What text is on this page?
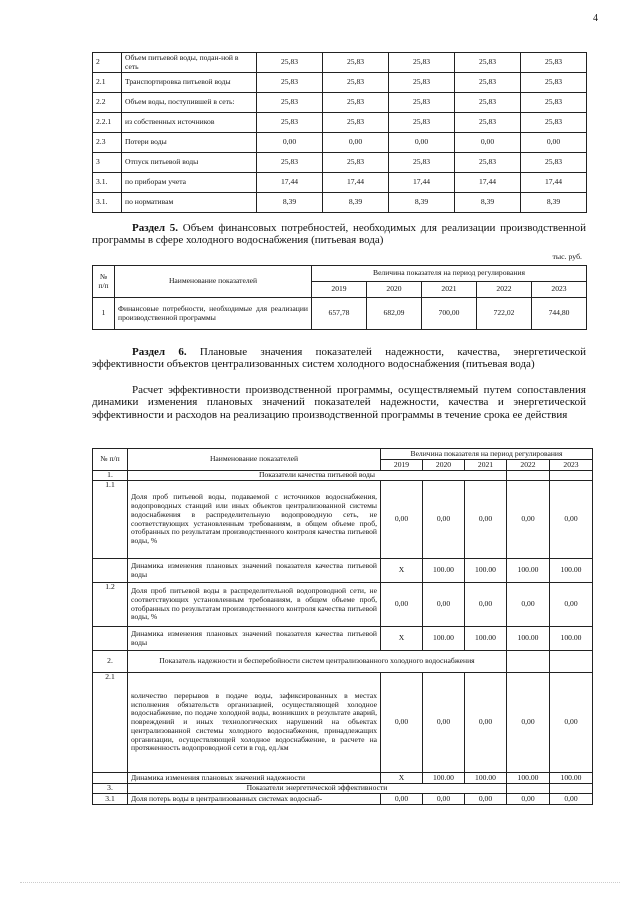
4
2	Объем питьевой воды, подан-ной в сеть	25,83	25,83	25,83	25,83	25,83
2.1	Транспортировка питьевой воды	25,83	25,83	25,83	25,83	25,83
2.2	Объем воды, поступившей в сеть:	25,83	25,83	25,83	25,83	25,83
2.2.1	из собственных источников	25,83	25,83	25,83	25,83	25,83
2.3	Потери воды	0,00	0,00	0,00	0,00	0,00
3	Отпуск питьевой воды	25,83	25,83	25,83	25,83	25,83
3.1.	по приборам учета	17,44	17,44	17,44	17,44	17,44
3.1.	по нормативам	8,39	8,39	8,39	8,39	8,39
Раздел 5. Объем финансовых потребностей, необходимых для реализации производственной программы в сфере холодного водоснабжения (питьевая вода)
тыс. руб.
№ п/п	Наименование показателей	Величина показателя на период регулирования				
		2019	2020	2021	2022	2023
1	Финансовые потребности, необходимые для реализации производственной программы	657,78	682,09	700,00	722,02	744,80
Раздел 6. Плановые значения показателей надежности, качества, энергетической эффективности объектов централизованных систем холодного водоснабжения (питьевая вода)
Расчет эффективности производственной программы, осуществляемый путем сопоставления динамики изменения плановых значений показателей надежности, качества и энергетической эффективности и расходов на реализацию производственной программы в течение срока ее действия
№ п/п	Наименование показателей	Величина показателя на период регулирования				
		2019	2020	2021	2022	2023
1.	Показатели качества питьевой воды					
1.1	Доля проб питьевой воды, подаваемой с источников водоснабжения, водопроводных станций или иных объектов централизованной системы водоснабжения в распределительную водопроводную сеть, не соответствующих установленным требованиям, в общем объеме проб, отобранных по результатам производственного контроля качества питьевой воды, %	0,00	0,00	0,00	0,00	0,00
	Динамика изменения плановых значений показателя качества питьевой воды	X	100.00	100.00	100.00	100.00
1.2	Доля проб питьевой воды в распределительной водопроводной сети, не соответствующих установленным требованиям, в общем объеме проб, отобранных по результатам производственного контроля качества питьевой воды, %	0,00	0,00	0,00	0,00	0,00
	Динамика изменения плановых значений показателя качества питьевой воды	X	100.00	100.00	100.00	100.00
2.	Показатель надежности и бесперебойности систем централизованного холодного водоснабжения					
2.1	количество перерывов в подаче воды, зафиксированных в местах исполнения обязательств организацией, осуществляющей холодное водоснабжение, по подаче холодной воды, возникших в результате аварий, повреждений и иных технологических нарушений на объектах централизованной системы холодного водоснабжения, принадлежащих организации, осуществляющей холодное водоснабжение, в расчете на протяженность водопроводной сети в год, ед./км	0,00	0,00	0,00	0,00	0,00
	Динамика изменения плановых значений надежности	X	100.00	100.00	100.00	100.00
3.	Показатели энергетической эффективности					
3.1	Доля потерь воды в централизованных системах водоснаб-	0,00	0,00	0,00	0,00	0,00
